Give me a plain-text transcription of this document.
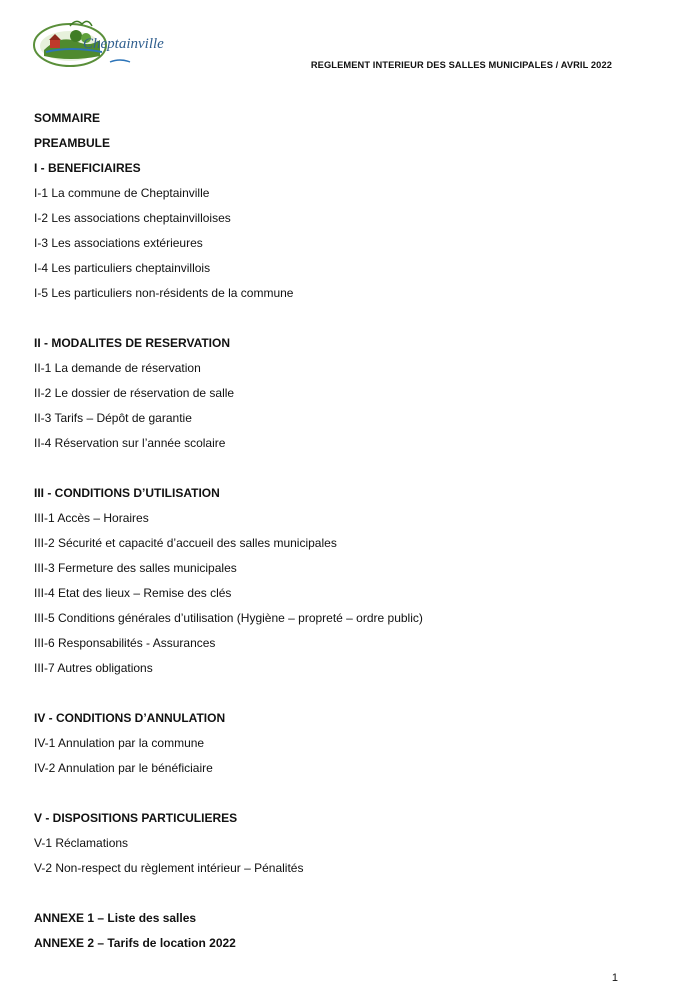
Cheptainville
REGLEMENT INTERIEUR DES SALLES MUNICIPALES / AVRIL 2022
SOMMAIRE
PREAMBULE
I - BENEFICIAIRES
I-1 La commune de Cheptainville
I-2 Les associations cheptainvilloises
I-3 Les associations extérieures
I-4 Les particuliers cheptainvillois
I-5 Les particuliers non-résidents de la commune
II - MODALITES DE RESERVATION
II-1 La demande de réservation
II-2 Le dossier de réservation de salle
II-3 Tarifs – Dépôt de garantie
II-4 Réservation sur l’année scolaire
III - CONDITIONS D’UTILISATION
III-1 Accès – Horaires
III-2 Sécurité et capacité d’accueil des salles municipales
III-3 Fermeture des salles municipales
III-4 Etat des lieux – Remise des clés
III-5 Conditions générales d’utilisation (Hygiène – propreté – ordre public)
III-6 Responsabilités - Assurances
III-7 Autres obligations
IV - CONDITIONS D’ANNULATION
IV-1 Annulation par la commune
IV-2 Annulation par le bénéficiaire
V - DISPOSITIONS PARTICULIERES
V-1 Réclamations
V-2 Non-respect du règlement intérieur – Pénalités
ANNEXE 1 – Liste des salles
ANNEXE 2 – Tarifs de location 2022
1
